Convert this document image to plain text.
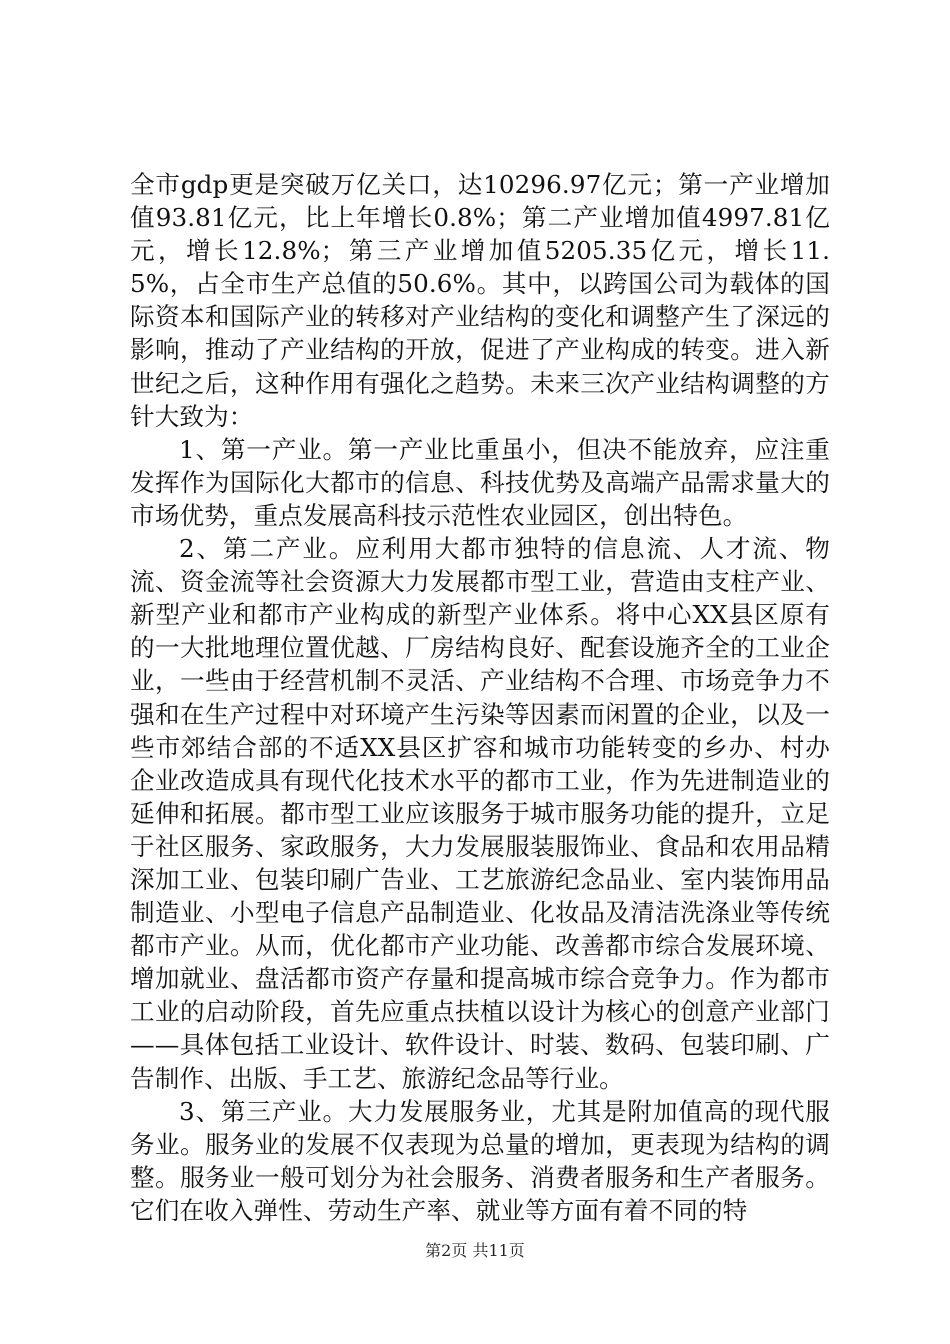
全市gdp更是突破万亿关口，达10296.97亿元；第一产业增加值93.81亿元，比上年增长0.8%；第二产业增加值4997.81亿元，增长12.8%；第三产业增加值5205.35亿元，增长11.5%，占全市生产总值的50.6%。其中，以跨国公司为载体的国际资本和国际产业的转移对产业结构的变化和调整产生了深远的影响，推动了产业结构的开放，促进了产业构成的转变。进入新世纪之后，这种作用有强化之趋势。未来三次产业结构调整的方针大致为：

1、第一产业。第一产业比重虽小，但决不能放弃，应注重发挥作为国际化大都市的信息、科技优势及高端产品需求量大的市场优势，重点发展高科技示范性农业园区，创出特色。

2、第二产业。应利用大都市独特的信息流、人才流、物流、资金流等社会资源大力发展都市型工业，营造由支柱产业、新型产业和都市产业构成的新型产业体系。将中心XX县区原有的一大批地理位置优越、厂房结构良好、配套设施齐全的工业企业，一些由于经营机制不灵活、产业结构不合理、市场竞争力不强和在生产过程中对环境产生污染等因素而闲置的企业，以及一些市郊结合部的不适XX县区扩容和城市功能转变的乡办、村办企业改造成具有现代化技术水平的都市工业，作为先进制造业的延伸和拓展。都市型工业应该服务于城市服务功能的提升，立足于社区服务、家政服务，大力发展服装服饰业、食品和农用品精深加工业、包装印刷广告业、工艺旅游纪念品业、室内装饰用品制造业、小型电子信息产品制造业、化妆品及清洁洗涤业等传统都市产业。从而，优化都市产业功能、改善都市综合发展环境、增加就业、盘活都市资产存量和提高城市综合竞争力。作为都市工业的启动阶段，首先应重点扶植以设计为核心的创意产业部门——具体包括工业设计、软件设计、时装、数码、包装印刷、广告制作、出版、手工艺、旅游纪念品等行业。

3、第三产业。大力发展服务业，尤其是附加值高的现代服务业。服务业的发展不仅表现为总量的增加，更表现为结构的调整。服务业一般可划分为社会服务、消费者服务和生产者服务。它们在收入弹性、劳动生产率、就业等方面有着不同的特

第2页 共11页
